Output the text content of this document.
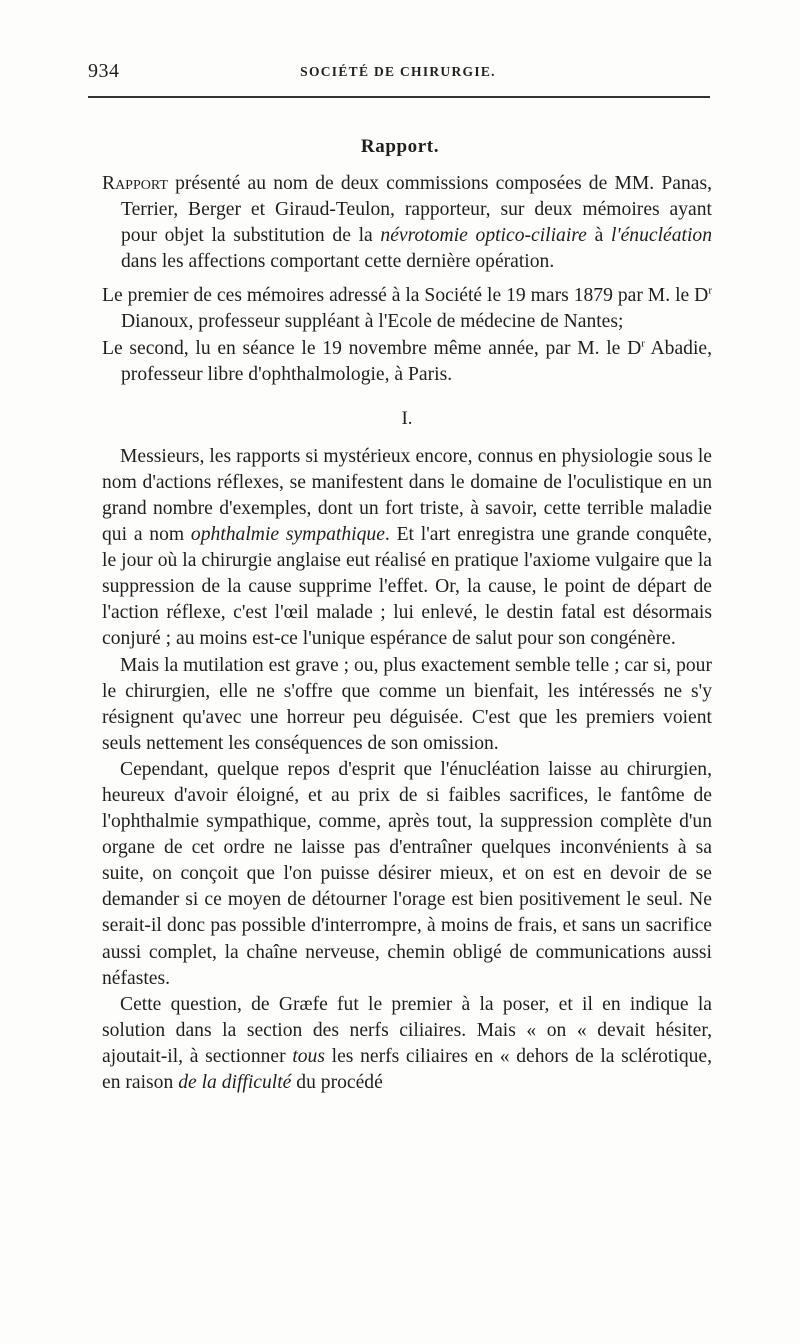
934	SOCIÉTÉ DE CHIRURGIE.
Rapport.

Rapport présenté au nom de deux commissions composées de MM. Panas, Terrier, Berger et Giraud-Teulon, rapporteur, sur deux mémoires ayant pour objet la substitution de la névrotomie optico-ciliaire à l'énucléation dans les affections comportant cette dernière opération.

Le premier de ces mémoires adressé à la Société le 19 mars 1879 par M. le $D^r$ Dianoux, professeur suppléant à l'Ecole de médecine de Nantes;

Le second, lu en séance le 19 novembre même année, par M. le $D^r$ Abadie, professeur libre d'ophthalmologie, à Paris.

I.

Messieurs, les rapports si mystérieux encore, connus en physiologie sous le nom d'actions réflexes, se manifestent dans le domaine de l'oculistique en un grand nombre d'exemples, dont un fort triste, à savoir, cette terrible maladie qui a nom ophthalmie sympathique. Et l'art enregistra une grande conquête, le jour où la chirurgie anglaise eut réalisé en pratique l'axiome vulgaire que la suppression de la cause supprime l'effet. Or, la cause, le point de départ de l'action réflexe, c'est l'œil malade ; lui enlevé, le destin fatal est désormais conjuré ; au moins est-ce l'unique espérance de salut pour son congénère.

Mais la mutilation est grave ; ou, plus exactement semble telle ; car si, pour le chirurgien, elle ne s'offre que comme un bienfait, les intéressés ne s'y résignent qu'avec une horreur peu déguisée. C'est que les premiers voient seuls nettement les conséquences de son omission.

Cependant, quelque repos d'esprit que l'énucléation laisse au chirurgien, heureux d'avoir éloigné, et au prix de si faibles sacrifices, le fantôme de l'ophthalmie sympathique, comme, après tout, la suppression complète d'un organe de cet ordre ne laisse pas d'entraîner quelques inconvénients à sa suite, on conçoit que l'on puisse désirer mieux, et on est en devoir de se demander si ce moyen de détourner l'orage est bien positivement le seul. Ne serait-il donc pas possible d'interrompre, à moins de frais, et sans un sacrifice aussi complet, la chaîne nerveuse, chemin obligé de communications aussi néfastes.

Cette question, de Græfe fut le premier à la poser, et il en indique la solution dans la section des nerfs ciliaires. Mais « on « devait hésiter, ajoutait-il, à sectionner tous les nerfs ciliaires en « dehors de la sclérotique, en raison de la difficulté du procédé
